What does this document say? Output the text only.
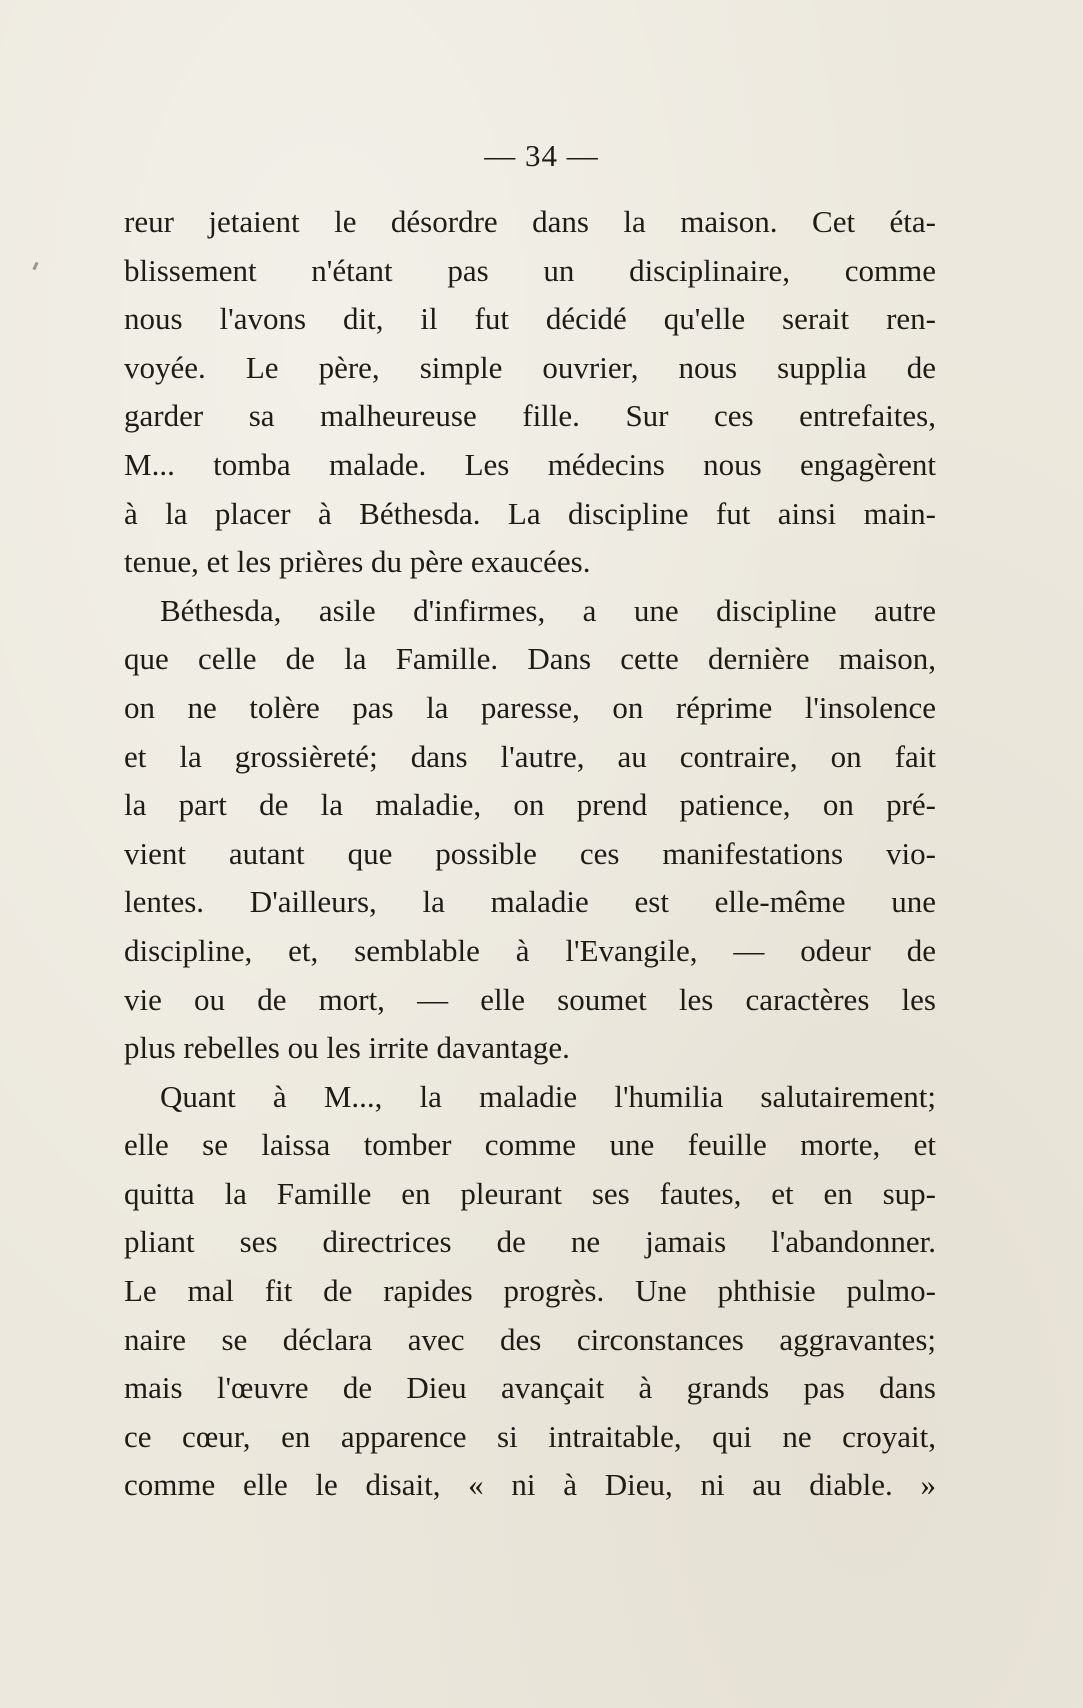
— 34 —
reur jetaient le désordre dans la maison. Cet éta-
blissement n'étant pas un disciplinaire, comme
nous l'avons dit, il fut décidé qu'elle serait ren-
voyée. Le père, simple ouvrier, nous supplia de
garder sa malheureuse fille. Sur ces entrefaites,
M... tomba malade. Les médecins nous engagèrent
à la placer à Béthesda. La discipline fut ainsi main-
tenue, et les prières du père exaucées.
Béthesda, asile d'infirmes, a une discipline autre
que celle de la Famille. Dans cette dernière maison,
on ne tolère pas la paresse, on réprime l'insolence
et la grossièreté; dans l'autre, au contraire, on fait
la part de la maladie, on prend patience, on pré-
vient autant que possible ces manifestations vio-
lentes. D'ailleurs, la maladie est elle-même une
discipline, et, semblable à l'Evangile, — odeur de
vie ou de mort, — elle soumet les caractères les
plus rebelles ou les irrite davantage.
Quant à M..., la maladie l'humilia salutairement;
elle se laissa tomber comme une feuille morte, et
quitta la Famille en pleurant ses fautes, et en sup-
pliant ses directrices de ne jamais l'abandonner.
Le mal fit de rapides progrès. Une phthisie pulmo-
naire se déclara avec des circonstances aggravantes;
mais l'œuvre de Dieu avançait à grands pas dans
ce cœur, en apparence si intraitable, qui ne croyait,
comme elle le disait, « ni à Dieu, ni au diable. »
